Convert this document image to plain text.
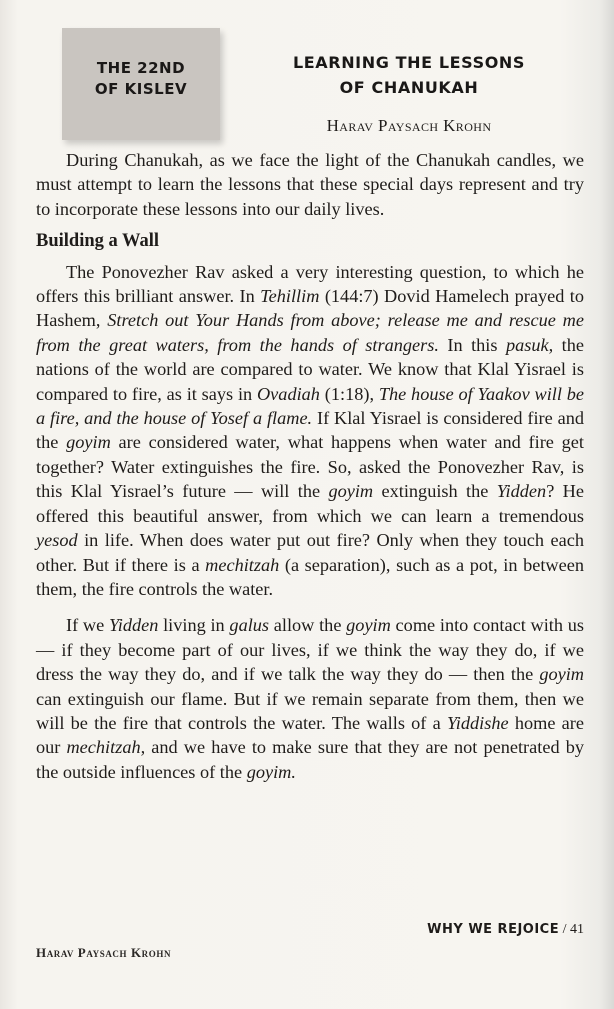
THE 22ND
OF KISLEV
LEARNING THE LESSONS
OF CHANUKAH
Harav Paysach Krohn

During Chanukah, as we face the light of the Chanukah candles, we must attempt to learn the lessons that these special days represent and try to incorporate these lessons into our daily lives.

Building a Wall

The Ponovezher Rav asked a very interesting question, to which he offers this brilliant answer. In Tehillim (144:7) Dovid Hamelech prayed to Hashem, Stretch out Your Hands from above; release me and rescue me from the great waters, from the hands of strangers. In this pasuk, the nations of the world are compared to water. We know that Klal Yisrael is compared to fire, as it says in Ovadiah (1:18), The house of Yaakov will be a fire, and the house of Yosef a flame. If Klal Yisrael is considered fire and the goyim are considered water, what happens when water and fire get together? Water extinguishes the fire. So, asked the Ponovezher Rav, is this Klal Yisrael’s future — will the goyim extinguish the Yidden? He offered this beautiful answer, from which we can learn a tremendous yesod in life. When does water put out fire? Only when they touch each other. But if there is a mechitzah (a separation), such as a pot, in between them, the fire controls the water.

If we Yidden living in galus allow the goyim come into contact with us — if they become part of our lives, if we think the way they do, if we dress the way they do, and if we talk the way they do — then the goyim can extinguish our flame. But if we remain separate from them, then we will be the fire that controls the water. The walls of a Yiddishe home are our mechitzah, and we have to make sure that they are not penetrated by the outside influences of the goyim.

WHY WE REJOICE / 41
Harav Paysach Krohn
